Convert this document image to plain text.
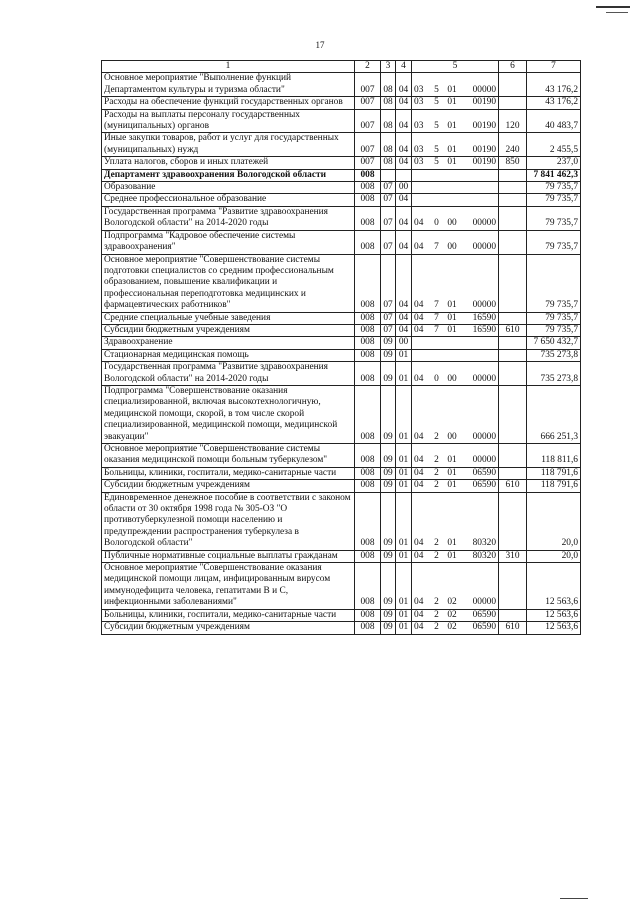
17
1	2	3	4	5				6	7
Основное мероприятие "Выполнение функций Департаментом культуры и туризма области"	007	08	04	03	5	01	00000		43 176,2
Расходы на обеспечение функций государственных органов	007	08	04	03	5	01	00190		43 176,2
Расходы на выплаты персоналу государственных (муниципальных) органов	007	08	04	03	5	01	00190	120	40 483,7
Иные закупки товаров, работ и услуг для государственных (муниципальных) нужд	007	08	04	03	5	01	00190	240	2 455,5
Уплата налогов, сборов и иных платежей	007	08	04	03	5	01	00190	850	237,0
Департамент здравоохранения Вологодской области	008								7 841 462,3
Образование	008	07	00						79 735,7
Среднее профессиональное образование	008	07	04						79 735,7
Государственная программа "Развитие здравоохранения Вологодской области" на 2014-2020 годы	008	07	04	04	0	00	00000		79 735,7
Подпрограмма "Кадровое обеспечение системы здравоохранения"	008	07	04	04	7	00	00000		79 735,7
Основное мероприятие "Совершенствование системы подготовки специалистов со средним профессиональным образованием, повышение квалификации и профессиональная переподготовка медицинских и фармацевтических работников"	008	07	04	04	7	01	00000		79 735,7
Средние специальные учебные заведения	008	07	04	04	7	01	16590		79 735,7
Субсидии бюджетным учреждениям	008	07	04	04	7	01	16590	610	79 735,7
Здравоохранение	008	09	00						7 650 432,7
Стационарная медицинская помощь	008	09	01						735 273,8
Государственная программа "Развитие здравоохранения Вологодской области" на 2014-2020 годы	008	09	01	04	0	00	00000		735 273,8
Подпрограмма "Совершенствование оказания специализированной, включая высокотехнологичную, медицинской помощи, скорой, в том числе скорой специализированной, медицинской помощи, медицинской эвакуации"	008	09	01	04	2	00	00000		666 251,3
Основное мероприятие "Совершенствование системы оказания медицинской помощи больным туберкулезом"	008	09	01	04	2	01	00000		118 811,6
Больницы, клиники, госпитали, медико-санитарные части	008	09	01	04	2	01	06590		118 791,6
Субсидии бюджетным учреждениям	008	09	01	04	2	01	06590	610	118 791,6
Единовременное денежное пособие в соответствии с законом области от 30 октября 1998 года № 305-ОЗ "О противотуберкулезной помощи населению и предупреждении распространения туберкулеза в Вологодской области"	008	09	01	04	2	01	80320		20,0
Публичные нормативные социальные выплаты гражданам	008	09	01	04	2	01	80320	310	20,0
Основное мероприятие "Совершенствование оказания медицинской помощи лицам, инфицированным вирусом иммунодефицита человека, гепатитами В и С, инфекционными заболеваниями"	008	09	01	04	2	02	00000		12 563,6
Больницы, клиники, госпитали, медико-санитарные части	008	09	01	04	2	02	06590		12 563,6
Субсидии бюджетным учреждениям	008	09	01	04	2	02	06590	610	12 563,6
